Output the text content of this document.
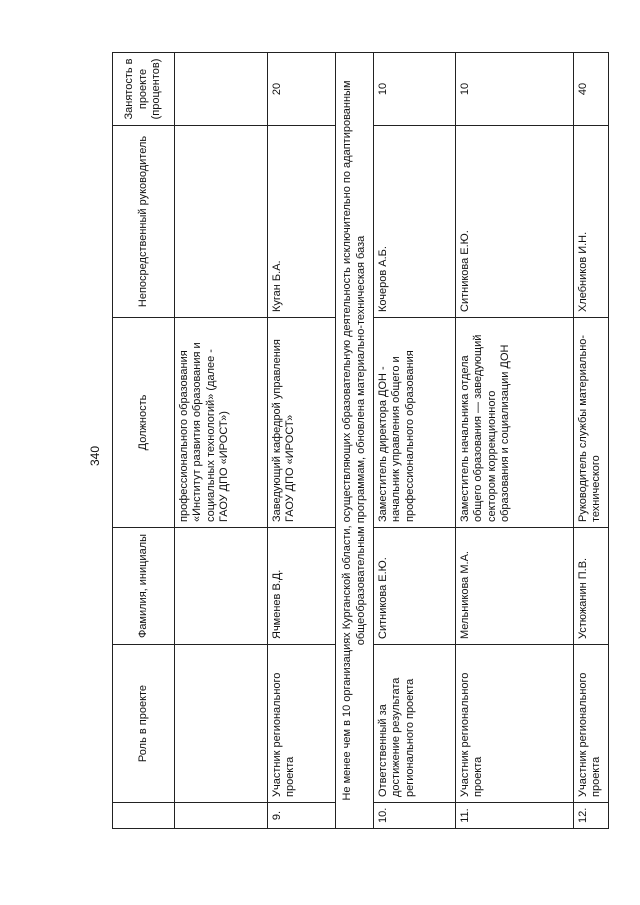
340
	Роль в проекте	Фамилия, инициалы	Должность	Непосредственный руководитель	Занятость в проекте (процентов)
			профессионального образования «Институт развития образования и социальных технологий» (далее - ГАОУ ДПО «ИРОСТ»)		
9.	Участник регионального проекта	Ячменев В.Д.	Заведующий кафедрой управления ГАОУ ДПО «ИРОСТ»	Куган Б.А.	20
Не менее чем в 10 организациях Курганской области, осуществляющих образовательную деятельность исключительно по адаптированным общеобразовательным программам, обновлена материально-техническая база					
10.	Ответственный за достижение результата регионального проекта	Ситникова Е.Ю.	Заместитель директора ДОН - начальник управления общего и профессионального образования	Кочеров А.Б.	10
11.	Участник регионального проекта	Мельникова М.А.	Заместитель начальника отдела общего образования — заведующий сектором коррекционного образования и социализации ДОН	Ситникова Е.Ю.	10
12.	Участник регионального проекта	Устюжанин П.В.	Руководитель службы материально-технического	Хлебников И.Н.	40
